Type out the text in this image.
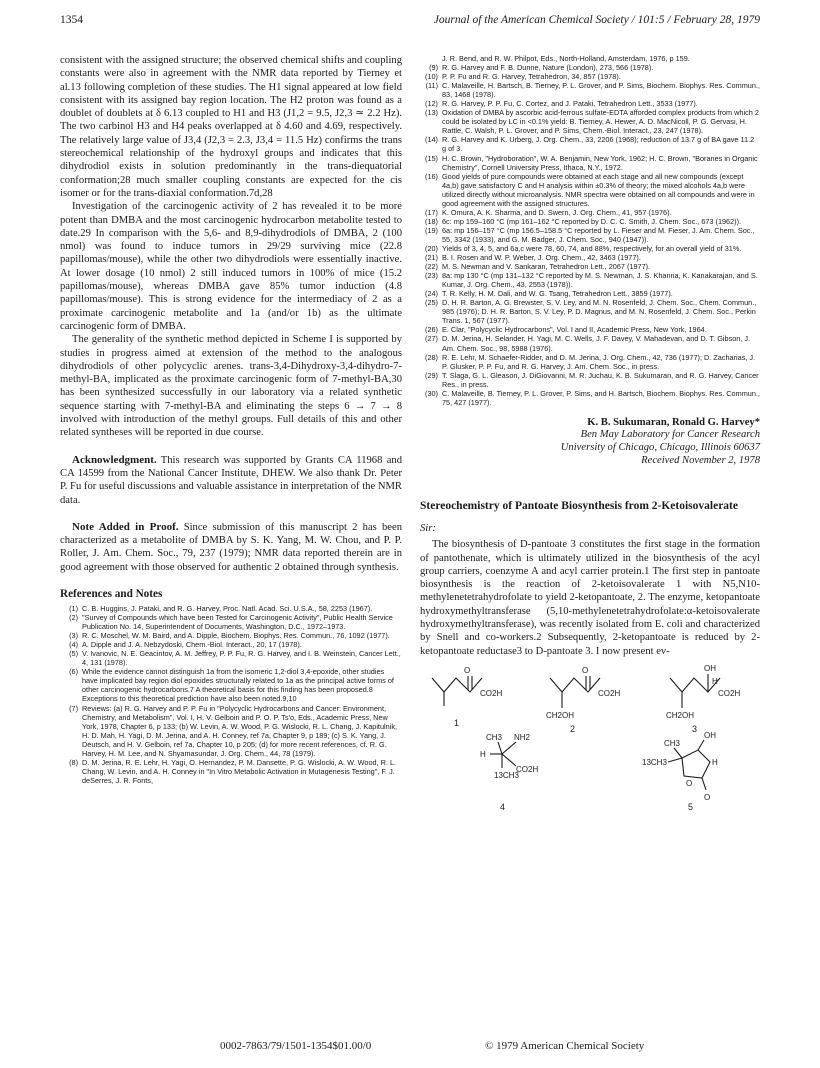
1354	Journal of the American Chemical Society / 101:5 / February 28, 1979

consistent with the assigned structure; the observed chemical shifts and coupling constants were also in agreement with the NMR data reported by Tierney et al.13 following completion of these studies. The H1 signal appeared at low field consistent with its assigned bay region location. The H2 proton was found as a doublet of doublets at δ 6.13 coupled to H1 and H3 (J1,2 = 9.5, J2,3 ≃ 2.2 Hz). The two carbinol H3 and H4 peaks overlapped at δ 4.60 and 4.69, respectively. The relatively large value of J3,4 (J2,3 = 2.3, J3,4 = 11.5 Hz) confirms the trans stereochemical relationship of the hydroxyl groups and indicates that this dihydrodiol exists in solution predominantly in the trans-diequatorial conformation;28 much smaller coupling constants are expected for the cis isomer or for the trans-diaxial conformation.7d,28

Investigation of the carcinogenic activity of 2 has revealed it to be more potent than DMBA and the most carcinogenic hydrocarbon metabolite tested to date.29 In comparison with the 5,6- and 8,9-dihydrodiols of DMBA, 2 (100 nmol) was found to induce tumors in 29/29 surviving mice (22.8 papillomas/mouse), while the other two dihydrodiols were essentially inactive. At lower dosage (10 nmol) 2 still induced tumors in 100% of mice (15.2 papillomas/mouse), whereas DMBA gave 85% tumor induction (4.8 papillomas/mouse). This is strong evidence for the intermediacy of 2 as a proximate carcinogenic metabolite and 1a (and/or 1b) as the ultimate carcinogenic form of DMBA.

The generality of the synthetic method depicted in Scheme I is supported by studies in progress aimed at extension of the method to the analogous dihydrodiols of other polycyclic arenes. trans-3,4-Dihydroxy-3,4-dihydro-7-methyl-BA, implicated as the proximate carcinogenic form of 7-methyl-BA,30 has been synthesized successfully in our laboratory via a related synthetic sequence starting with 7-methyl-BA and eliminating the steps 6 → 7 → 8 involved with introduction of the methyl groups. Full details of this and other related syntheses will be reported in due course.

Acknowledgment. This research was supported by Grants CA 11968 and CA 14599 from the National Cancer Institute, DHEW. We also thank Dr. Peter P. Fu for useful discussions and valuable assistance in interpretation of the NMR data.

Note Added in Proof. Since submission of this manuscript 2 has been characterized as a metabolite of DMBA by S. K. Yang, M. W. Chou, and P. P. Roller, J. Am. Chem. Soc., 79, 237 (1979); NMR data reported therein are in good agreement with those observed for authentic 2 obtained through synthesis.

References and Notes
(1) C. B. Huggins, J. Pataki, and R. G. Harvey, Proc. Natl. Acad. Sci. U.S.A., 58, 2253 (1967).
(2) "Survey of Compounds which have been Tested for Carcinogenic Activity", Public Health Service Publication No. 14, Superintendent of Documents, Washington, D.C., 1972–1973.
(3) R. C. Moschel, W. M. Baird, and A. Dipple, Biochem. Biophys. Res. Commun., 76, 1092 (1977).
(4) A. Dipple and J. A. Nebzydoski, Chem.-Biol. Interact., 20, 17 (1978).
(5) V. Ivanovic, N. E. Geacintov, A. M. Jeffrey, P. P. Fu, R. G. Harvey, and I. B. Weinstein, Cancer Lett., 4, 131 (1978).
(6) While the evidence cannot distinguish 1a from the isomeric 1,2-diol 3,4-epoxide, other studies have implicated bay region diol epoxides structurally related to 1a as the principal active forms of other carcinogenic hydrocarbons.7 A theoretical basis for this finding has been proposed.8 Exceptions to this theoretical prediction have also been noted.9,10
(7) Reviews: (a) R. G. Harvey and P. P. Fu in "Polycyclic Hydrocarbons and Cancer: Environment, Chemistry, and Metabolism", Vol. I, H. V. Gelboin and P. O. P. Ts'o, Eds., Academic Press, New York, 1978, Chapter 6, p 133; (b) W. Levin, A. W. Wood, P. G. Wislocki, R. L. Chang, J. Kapitulnik, H. D. Mah, H. Yagi, D. M. Jerina, and A. H. Conney, ref 7a, Chapter 9, p 189; (c) S. K. Yang, J. Deutsch, and H. V. Gelboin, ref 7a, Chapter 10, p 205; (d) for more recent references, cf. R. G. Harvey, H. M. Lee, and N. Shyamasundar, J. Org. Chem., 44, 78 (1979).
(8) D. M. Jerina, R. E. Lehr, H. Yagi, O. Hernandez, P. M. Dansette, P. G. Wislocki, A. W. Wood, R. L. Chang, W. Levin, and A. H. Conney in "In Vitro Metabolic Activation in Mutagenesis Testing", F. J. deSerres, J. R. Fonts,
J. R. Bend, and R. W. Philpot, Eds., North-Holland, Amsterdam, 1976, p 159.
(9) R. G. Harvey and F. B. Dunne, Nature (London), 273, 566 (1978).
(10) P. P. Fu and R. G. Harvey, Tetrahedron, 34, 857 (1978).
(11) C. Malaveille, H. Bartsch, B. Tierney, P. L. Grover, and P. Sims, Biochem. Biophys. Res. Commun., 83, 1468 (1978).
(12) R. G. Harvey, P. P. Fu, C. Cortez, and J. Pataki, Tetrahedron Lett., 3533 (1977).
(13) Oxidation of DMBA by ascorbic acid-ferrous sulfate-EDTA afforded complex products from which 2 could be isolated by LC in <0.1% yield: B. Tierney, A. Hewer, A. D. MacNicoll, P. G. Gervasi, H. Rattle, C. Walsh, P. L. Grover, and P. Sims, Chem.-Biol. Interact., 23, 247 (1978).
(14) R. G. Harvey and K. Urberg, J. Org. Chem., 33, 2206 (1968); reduction of 13.7 g of BA gave 11.2 g of 3.
(15) H. C. Brown, "Hydroboration", W. A. Benjamin, New York, 1962; H. C. Brown, "Boranes in Organic Chemistry", Cornell University Press, Ithaca, N.Y., 1972.
(16) Good yields of pure compounds were obtained at each stage and all new compounds (except 4a,b) gave satisfactory C and H analysis within ±0.3% of theory; the mixed alcohols 4a,b were utilized directly without microanalysis. NMR spectra were obtained on all compounds and were in good agreement with the assigned structures.
(17) K. Omura, A. K. Sharma, and D. Swern, J. Org. Chem., 41, 957 (1976).
(18) 6c: mp 159–160 °C (mp 161–162 °C reported by D. C. C. Smith, J. Chem. Soc., 673 (1962)).
(19) 6a: mp 156–157 °C (mp 156.5–158.5 °C reported by L. Fieser and M. Fieser, J. Am. Chem. Soc., 55, 3342 (1933), and G. M. Badger, J. Chem. Soc., 940 (1947)).
(20) Yields of 3, 4, 5, and 6a,c were 78, 60, 74, and 88%, respectively, for an overall yield of 31%.
(21) B. I. Rosen and W. P. Weber, J. Org. Chem., 42, 3463 (1977).
(22) M. S. Newman and V. Sankaran, Tetrahedron Lett., 2067 (1977).
(23) 8a: mp 130 °C (mp 131–132 °C reported by M. S. Newman, J. S. Khanna, K. Kanakarajan, and S. Kumar, J. Org. Chem., 43, 2553 (1978)).
(24) T. R. Kelly, H. M. Dali, and W. G. Tsang, Tetrahedron Lett., 3859 (1977).
(25) D. H. R. Barton, A. G. Brewster, S. V. Ley, and M. N. Rosenfeld, J. Chem. Soc., Chem. Commun., 985 (1976); D. H. R. Barton, S. V. Ley, P. D. Magnus, and M. N. Rosenfeld, J. Chem. Soc., Perkin Trans. 1, 567 (1977).
(26) E. Clar, "Polycyclic Hydrocarbons", Vol. I and II, Academic Press, New York, 1964.
(27) D. M. Jerina, H. Selander, H. Yagi, M. C. Wells, J. F. Davey, V. Mahadevan, and D. T. Gibson, J. Am. Chem. Soc., 98, 5988 (1976).
(28) R. E. Lehr, M. Schaefer-Ridder, and D. M. Jerina, J. Org. Chem., 42, 736 (1977); D. Zacharias, J. P. Glusker, P. P. Fu, and R. G. Harvey, J. Am. Chem. Soc., in press.
(29) T. Slaga, G. L. Gleason, J. DiGiovanni, M. R. Juchau, K. B. Sukumaran, and R. G. Harvey, Cancer Res., in press.
(30) C. Malaveille, B. Tierney, P. L. Grover, P. Sims, and H. Bartsch, Biochem. Biophys. Res. Commun., 75, 427 (1977).
K. B. Sukumaran, Ronald G. Harvey*
Ben May Laboratory for Cancer Research
University of Chicago, Chicago, Illinois 60637
Received November 2, 1978
Stereochemistry of Pantoate Biosynthesis from 2-Ketoisovalerate
Sir:

The biosynthesis of D-pantoate 3 constitutes the first stage in the formation of pantothenate, which is ultimately utilized in the biosynthesis of the acyl group carriers, coenzyme A and acyl carrier protein.1 The first step in pantoate biosynthesis is the reaction of 2-ketoisovalerate 1 with N5,N10-methylenetetrahydrofolate to yield 2-ketopantoate, 2. The enzyme, ketopantoate hydroxymethyltransferase (5,10-methylenetetrahydrofolate:α-ketoisovalerate hydroxymethyltransferase), was recently isolated from E. coli and characterized by Snell and co-workers.2 Subsequently, 2-ketopantoate is reduced by 2-ketopantoate reductase3 to D-pantoate 3. I now present ev-

O
CO2H
O
CO2H
CH2OH
OH
H
CO2H
CH2OH
CH3 NH2
H
CO2H
13CH3
CH3
OH
13CH3	H
O
O
1
2	3
4	5
0002-7863/79/1501-1354$01.00/0	© 1979 American Chemical Society
